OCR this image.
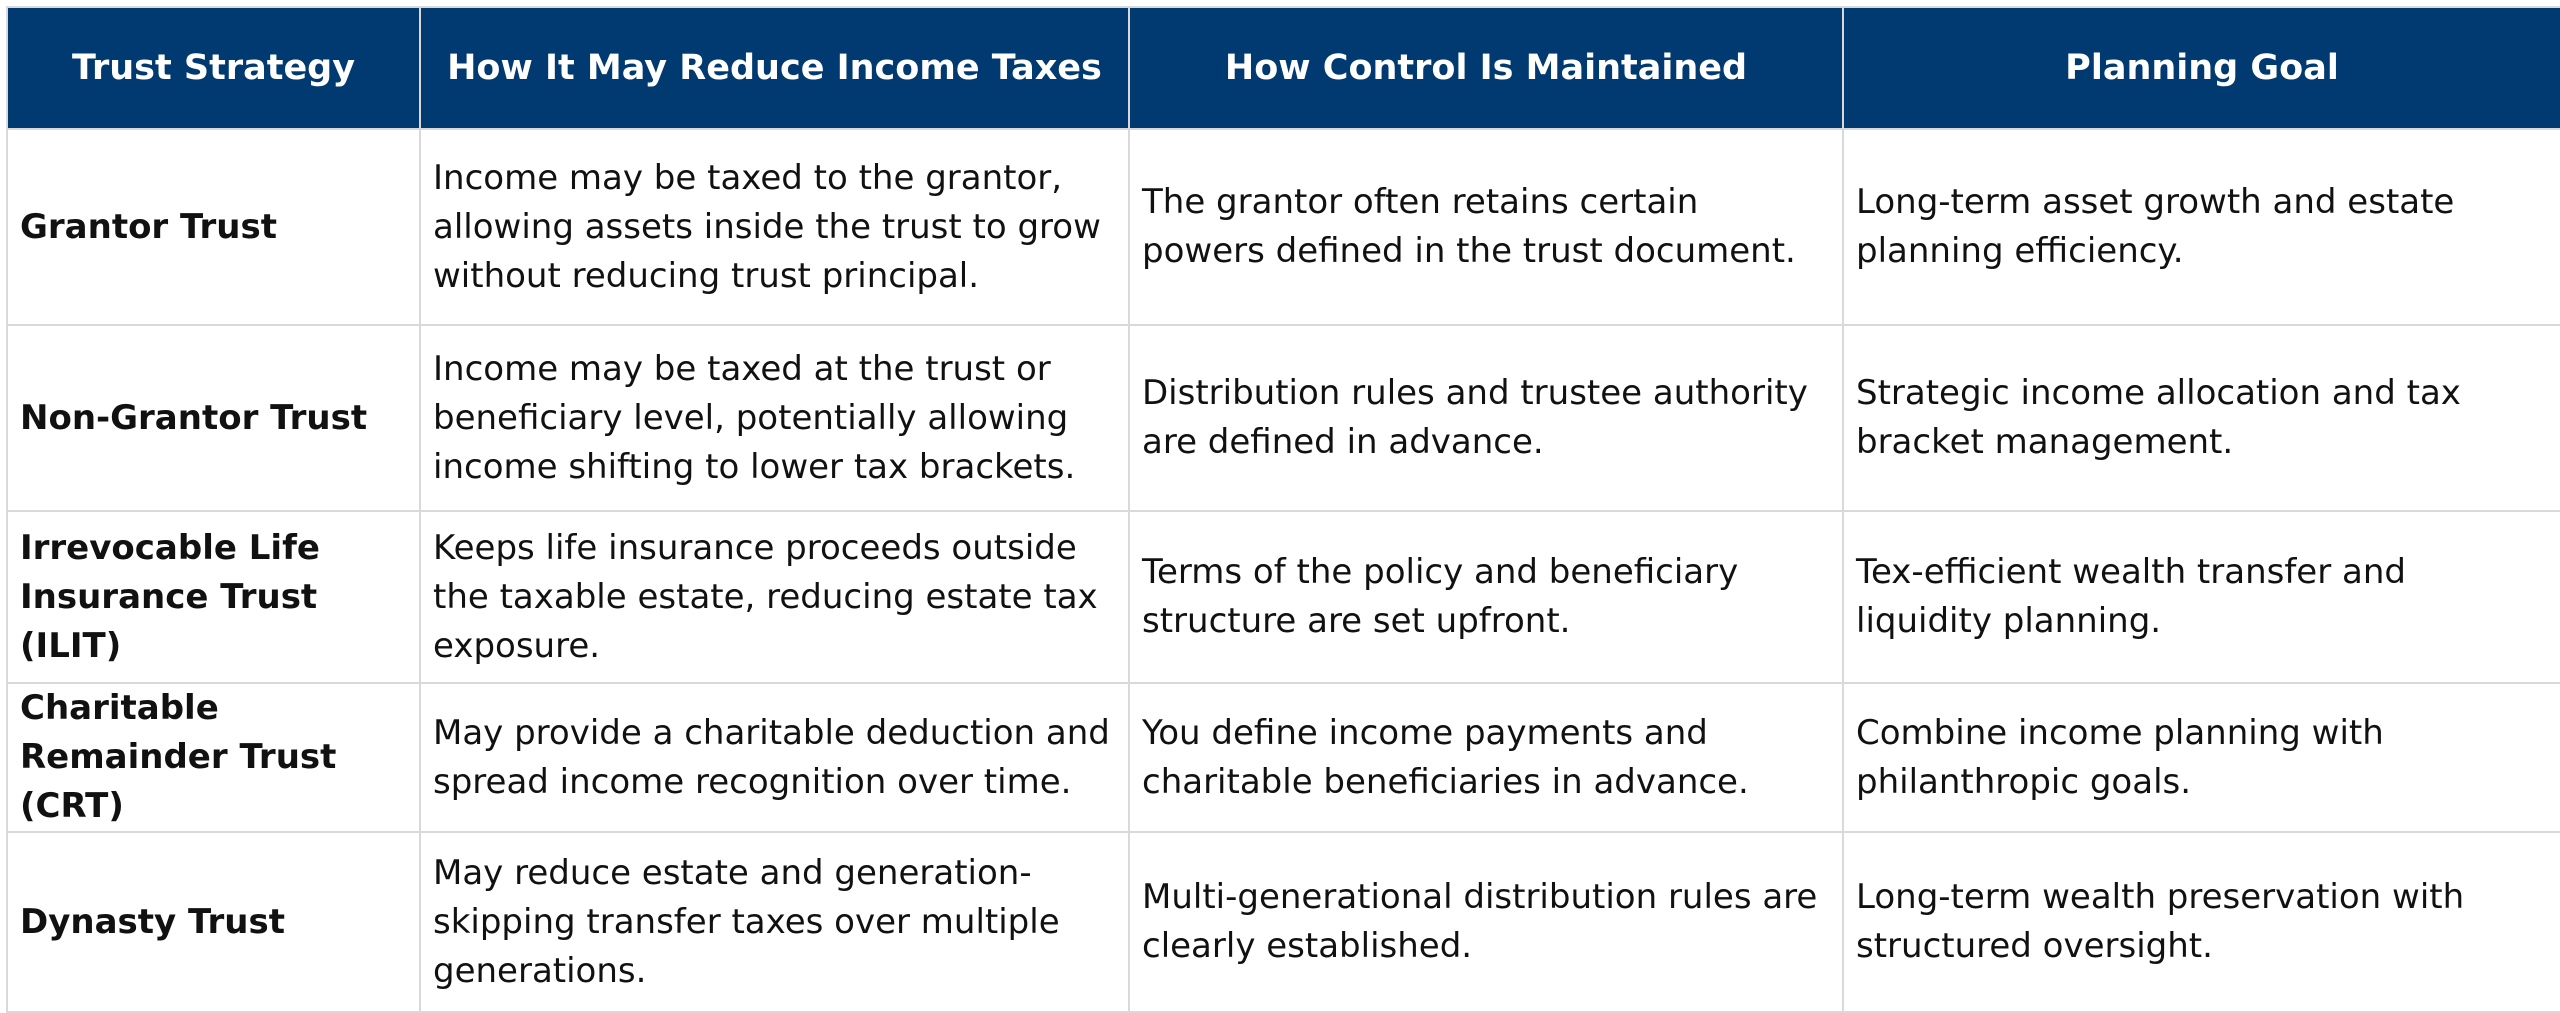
Trust Strategy	How It May Reduce Income Taxes	How Control Is Maintained	Planning Goal
Grantor Trust	Income may be taxed to the grantor, allowing assets inside the trust to grow without reducing trust principal.	The grantor often retains certain powers defined in the trust document.	Long-term asset growth and estate planning efficiency.
Non-Grantor Trust	Income may be taxed at the trust or beneficiary level, potentially allowing income shifting to lower tax brackets.	Distribution rules and trustee authority are defined in advance.	Strategic income allocation and tax bracket management.
Irrevocable Life Insurance Trust (ILIT)	Keeps life insurance proceeds outside the taxable estate, reducing estate tax exposure.	Terms of the policy and beneficiary structure are set upfront.	Tex-efficient wealth transfer and liquidity planning.
Charitable Remainder Trust (CRT)	May provide a charitable deduction and spread income recognition over time.	You define income payments and charitable beneficiaries in advance.	Combine income planning with philanthropic goals.
Dynasty Trust	May reduce estate and generation-skipping transfer taxes over multiple generations.	Multi-generational distribution rules are clearly established.	Long-term wealth preservation with structured oversight.
